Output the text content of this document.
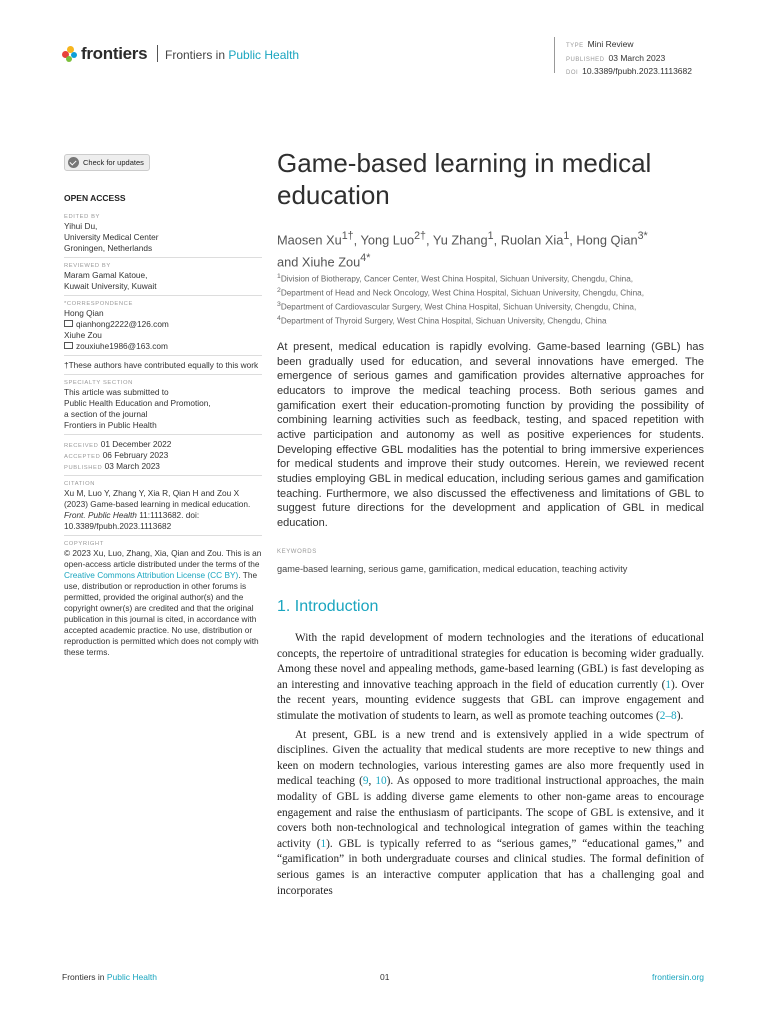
frontiers Frontiers in Public Health
TYPE Mini Review
PUBLISHED 03 March 2023
DOI 10.3389/fpubh.2023.1113682
Check for updates
OPEN ACCESS
EDITED BY
Yihui Du,
University Medical Center
Groningen, Netherlands
REVIEWED BY
Maram Gamal Katoue,
Kuwait University, Kuwait
*CORRESPONDENCE
Hong Qian
qianhong2222@126.com
Xiuhe Zou
zouxiuhe1986@163.com
†These authors have contributed equally to this work
SPECIALTY SECTION
This article was submitted to
Public Health Education and Promotion,
a section of the journal
Frontiers in Public Health
RECEIVED 01 December 2022
ACCEPTED 06 February 2023
PUBLISHED 03 March 2023
CITATION
Xu M, Luo Y, Zhang Y, Xia R, Qian H and Zou X (2023) Game-based learning in medical education. Front. Public Health 11:1113682. doi: 10.3389/fpubh.2023.1113682
COPYRIGHT
© 2023 Xu, Luo, Zhang, Xia, Qian and Zou. This is an open-access article distributed under the terms of the Creative Commons Attribution License (CC BY). The use, distribution or reproduction in other forums is permitted, provided the original author(s) and the copyright owner(s) are credited and that the original publication in this journal is cited, in accordance with accepted academic practice. No use, distribution or reproduction is permitted which does not comply with these terms.
Game-based learning in medical education
Maosen $Xu^{1\dagger}$, Yong Luo$^{2\dagger}$, Yu Zhang$^1$, Ruolan Xia$^1$, Hong Qian$^{3*}$
and Xiuhe Zou$^{4*}$
$^1$Division of Biotherapy, Cancer Center, West China Hospital, Sichuan University, Chengdu, China,
$^2$Department of Head and Neck Oncology, West China Hospital, Sichuan University, Chengdu, China,
$^3$Department of Cardiovascular Surgery, West China Hospital, Sichuan University, Chengdu, China,
$^4$Department of Thyroid Surgery, West China Hospital, Sichuan University, Chengdu, China
At present, medical education is rapidly evolving. Game-based learning (GBL) has been gradually used for education, and several innovations have emerged. The emergence of serious games and gamification provides alternative approaches for educators to improve the medical teaching process. Both serious games and gamification exert their education-promoting function by providing the possibility of combining learning activities such as feedback, testing, and spaced repetition with active participation and autonomy as well as positive experiences for students. Developing effective GBL modalities has the potential to bring immersive experiences for medical students and improve their study outcomes. Herein, we reviewed recent studies employing GBL in medical education, including serious games and gamification teaching. Furthermore, we also discussed the effectiveness and limitations of GBL to suggest future directions for the development and application of GBL in medical education.
KEYWORDS
game-based learning, serious game, gamification, medical education, teaching activity
1. Introduction

With the rapid development of modern technologies and the iterations of educational concepts, the repertoire of untraditional strategies for education is becoming wider gradually. Among these novel and appealing methods, game-based learning (GBL) is fast developing as an interesting and innovative teaching approach in the field of education currently (1). Over the recent years, mounting evidence suggests that GBL can improve engagement and stimulate the motivation of students to learn, as well as promote teaching outcomes (2–8).

At present, GBL is a new trend and is extensively applied in a wide spectrum of disciplines. Given the actuality that medical students are more receptive to new things and keen on modern technologies, various interesting games are also more frequently used in medical teaching (9, 10). As opposed to more traditional instructional approaches, the main modality of GBL is adding diverse game elements to other non-game areas to encourage engagement and raise the enthusiasm of participants. The scope of GBL is extensive, and it covers both non-technological and technological integration of games within the teaching activity (1). GBL is typically referred to as “serious games,” “educational games,” and “gamification” in both undergraduate courses and clinical studies. The formal definition of serious games is an interactive computer application that has a challenging goal and incorporates

Frontiers in Public Health	01	frontiersin.org
